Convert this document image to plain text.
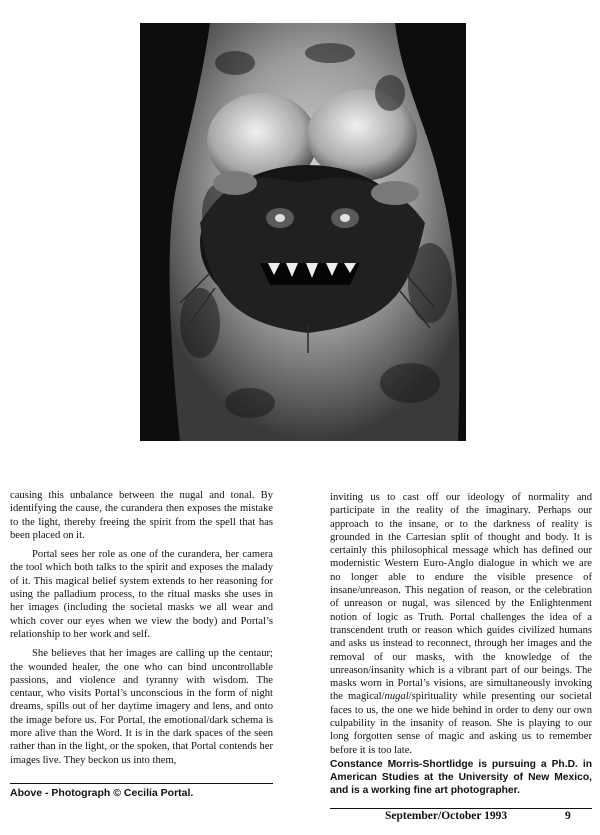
causing this unbalance between the nugal and tonal. By identifying the cause, the curandera then exposes the mistake to the light, thereby freeing the spirit from the spell that has been placed on it.

Portal sees her role as one of the curandera, her camera the tool which both talks to the spirit and exposes the malady of it. This magical belief system extends to her reasoning for using the palladium process, to the ritual masks she uses in her images (including the societal masks we all wear and which cover our eyes when we view the body) and Portal’s relationship to her work and self.

She believes that her images are calling up the centaur; the wounded healer, the one who can bind uncontrollable passions, and violence and tyranny with wisdom. The centaur, who visits Portal’s unconscious in the form of night dreams, spills out of her daytime imagery and lens, and onto the image before us. For Portal, the emotional/dark schema is more alive than the Word. It is in the dark spaces of the seen rather than in the light, or the spoken, that Portal contends her images live. They beckon us into them,

inviting us to cast off our ideology of normality and participate in the reality of the imaginary. Perhaps our approach to the insane, or to the darkness of reality is grounded in the Cartesian split of thought and body. It is certainly this philosophical message which has defined our modernistic Western Euro-Anglo dialogue in which we are no longer able to endure the visible presence of insane/unreason. This negation of reason, or the celebration of unreason or nugal, was silenced by the Enlightenment notion of logic as Truth. Portal challenges the idea of a transcendent truth or reason which guides civilized humans and asks us instead to reconnect, through her images and the removal of our masks, with the knowledge of the unreason/insanity which is a vibrant part of our beings. The masks worn in Portal’s visions, are simultaneously invoking the magical/nugal/spirituality while presenting our societal faces to us, the one we hide behind in order to deny our own culpability in the insanity of reason. She is playing to our long forgotten sense of magic and asking us to remember before it is too late.

Constance Morris-Shortlidge is pursuing a Ph.D. in American Studies at the University of New Mexico, and is a working fine art photographer.

Above - Photograph © Cecilia Portal.
September/October 1993	9
